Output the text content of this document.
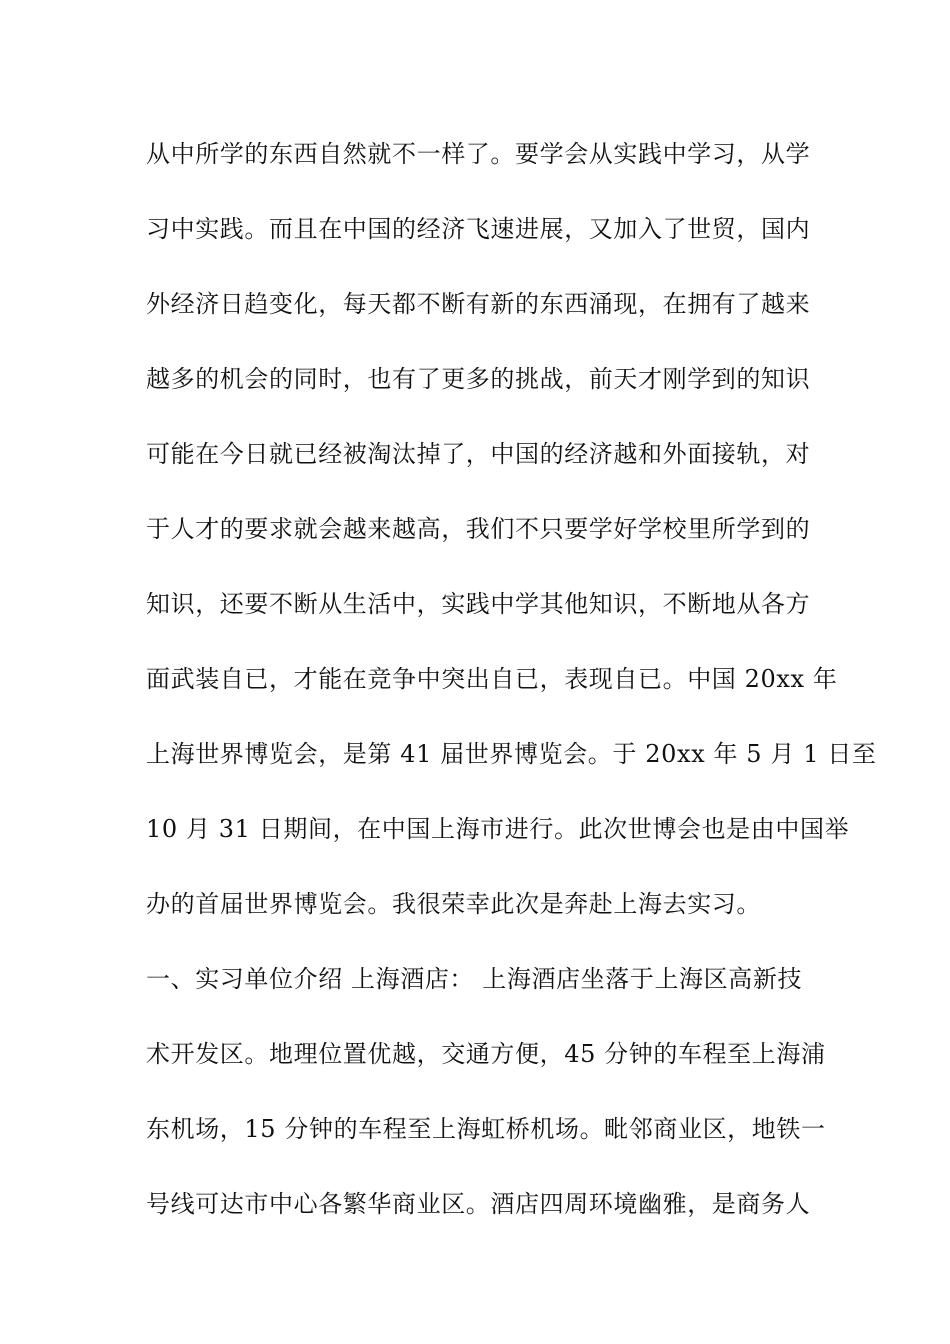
从中所学的东西自然就不一样了。要学会从实践中学习，从学
习中实践。而且在中国的经济飞速进展，又加入了世贸，国内
外经济日趋变化，每天都不断有新的东西涌现，在拥有了越来
越多的机会的同时，也有了更多的挑战，前天才刚学到的知识
可能在今日就已经被淘汰掉了，中国的经济越和外面接轨，对
于人才的要求就会越来越高，我们不只要学好学校里所学到的
知识，还要不断从生活中，实践中学其他知识，不断地从各方
面武装自已，才能在竞争中突出自已，表现自已。中国 20xx 年
上海世界博览会，是第 41 届世界博览会。于 20xx 年 5 月 1 日至
10 月 31 日期间，在中国上海市进行。此次世博会也是由中国举
办的首届世界博览会。我很荣幸此次是奔赴上海去实习。
一、实习单位介绍 上海酒店： 上海酒店坐落于上海区高新技
术开发区。地理位置优越，交通方便，45 分钟的车程至上海浦
东机场，15 分钟的车程至上海虹桥机场。毗邻商业区，地铁一
号线可达市中心各繁华商业区。酒店四周环境幽雅，是商务人
